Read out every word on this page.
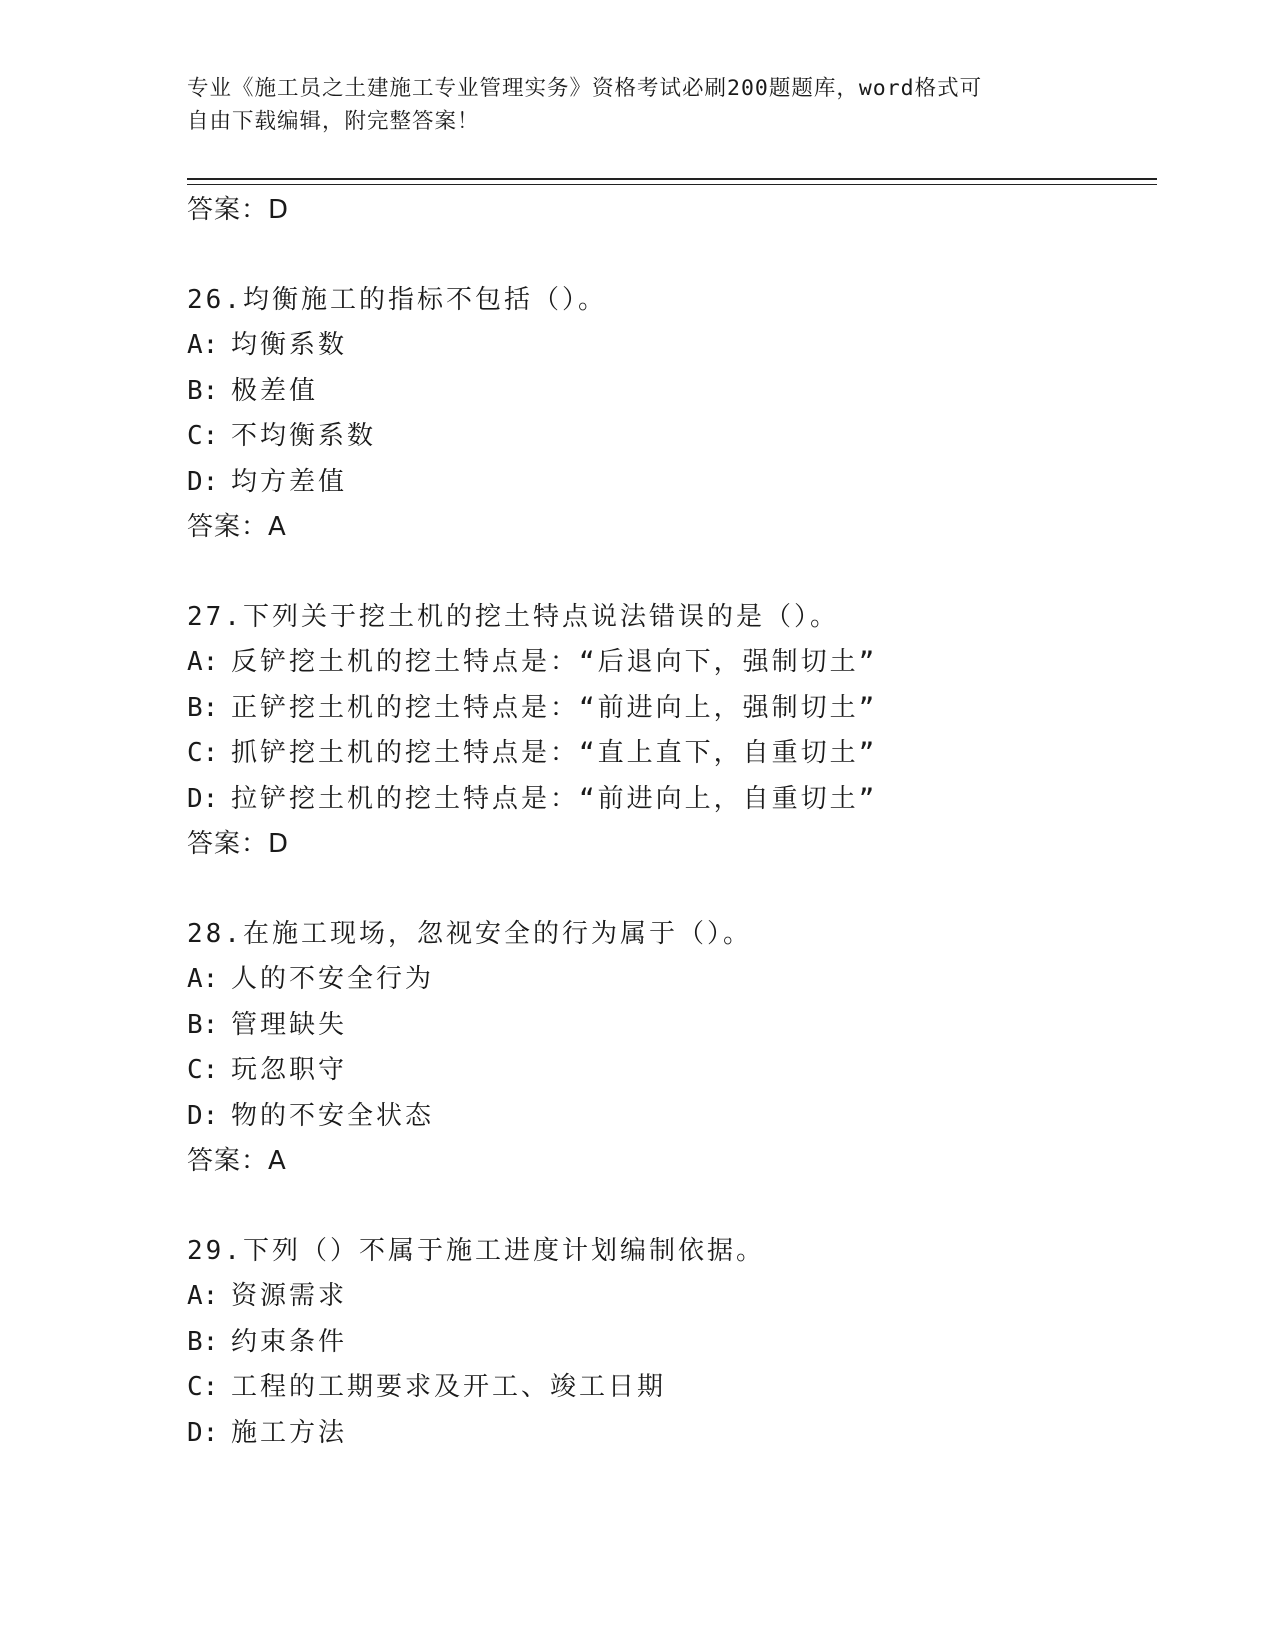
专业《施工员之土建施工专业管理实务》资格考试必刷200题题库，word格式可
自由下载编辑，附完整答案！
答案：D
26.均衡施工的指标不包括（）。
A: 均衡系数
B: 极差值
C: 不均衡系数
D: 均方差值
答案：A
27.下列关于挖土机的挖土特点说法错误的是（）。
A: 反铲挖土机的挖土特点是：“后退向下，强制切土”
B: 正铲挖土机的挖土特点是：“前进向上，强制切土”
C: 抓铲挖土机的挖土特点是：“直上直下，自重切土”
D: 拉铲挖土机的挖土特点是：“前进向上，自重切土”
答案：D
28.在施工现场，忽视安全的行为属于（）。
A: 人的不安全行为
B: 管理缺失
C: 玩忽职守
D: 物的不安全状态
答案：A
29.下列（）不属于施工进度计划编制依据。
A: 资源需求
B: 约束条件
C: 工程的工期要求及开工、竣工日期
D: 施工方法
